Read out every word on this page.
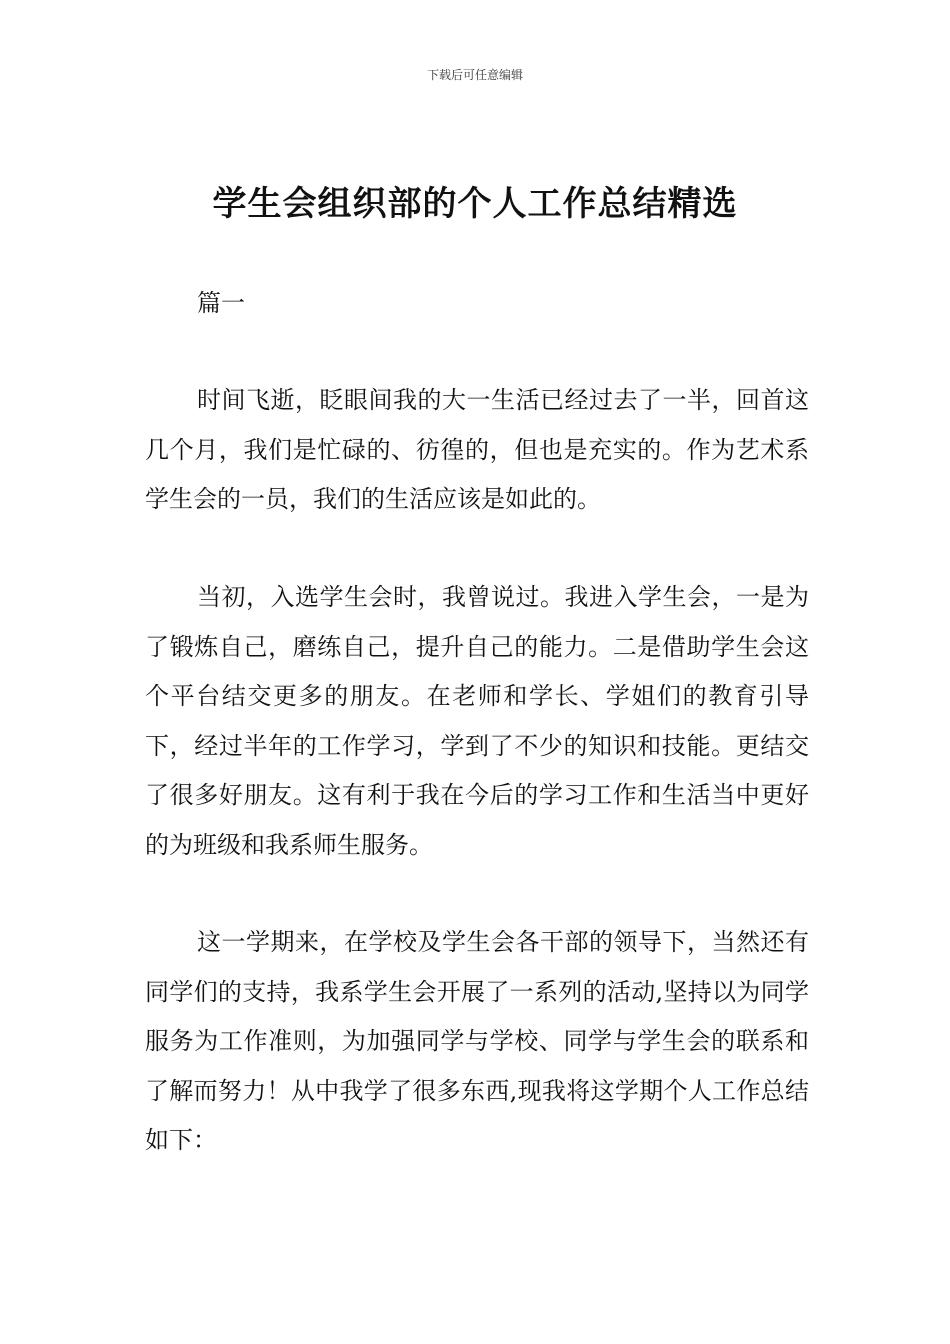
下载后可任意编辑
学生会组织部的个人工作总结精选
篇一

时间飞逝，眨眼间我的大一生活已经过去了一半，回首这几个月，我们是忙碌的、彷徨的，但也是充实的。作为艺术系学生会的一员，我们的生活应该是如此的。

当初，入选学生会时，我曾说过。我进入学生会，一是为了锻炼自己，磨练自己，提升自己的能力。二是借助学生会这个平台结交更多的朋友。在老师和学长、学姐们的教育引导下，经过半年的工作学习，学到了不少的知识和技能。更结交了很多好朋友。这有利于我在今后的学习工作和生活当中更好的为班级和我系师生服务。

这一学期来，在学校及学生会各干部的领导下，当然还有同学们的支持，我系学生会开展了一系列的活动,坚持以为同学服务为工作准则，为加强同学与学校、同学与学生会的联系和了解而努力！从中我学了很多东西,现我将这学期个人工作总结如下：
